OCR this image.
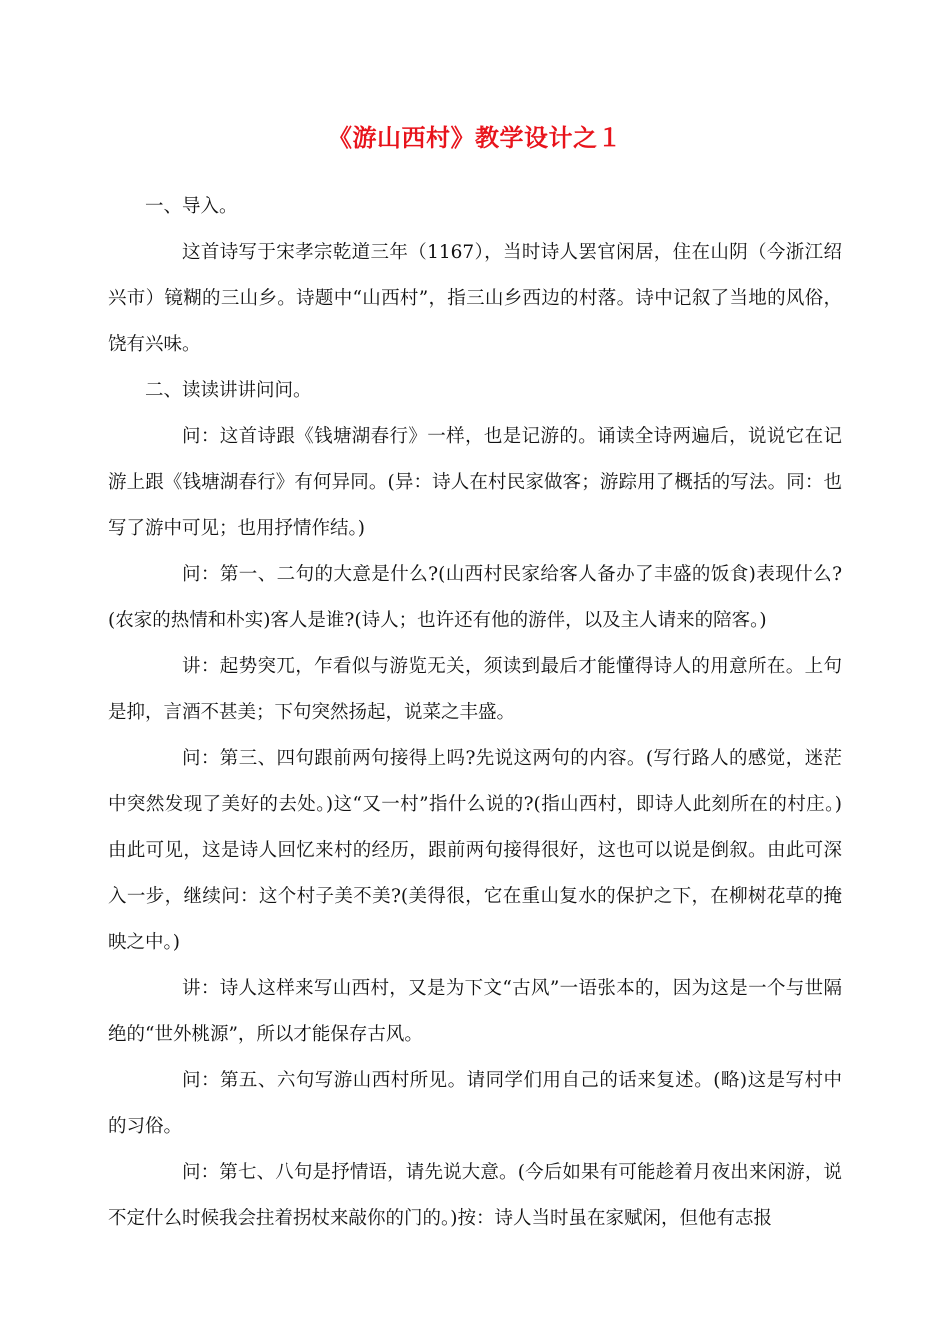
《游山西村》教学设计之１

一、导入。

这首诗写于宋孝宗乾道三年（1167），当时诗人罢官闲居，住在山阴（今浙江绍兴市）镜糊的三山乡。诗题中“山西村”，指三山乡西边的村落。诗中记叙了当地的风俗，饶有兴味。

二、读读讲讲问问。

问：这首诗跟《钱塘湖春行》一样，也是记游的。诵读全诗两遍后，说说它在记游上跟《钱塘湖春行》有何异同。(异：诗人在村民家做客；游踪用了概括的写法。同：也写了游中可见；也用抒情作结。)

问：第一、二句的大意是什么?(山西村民家给客人备办了丰盛的饭食)表现什么?(农家的热情和朴实)客人是谁?(诗人；也许还有他的游伴，以及主人请来的陪客。)

讲：起势突兀，乍看似与游览无关，须读到最后才能懂得诗人的用意所在。上句是抑，言酒不甚美；下句突然扬起，说菜之丰盛。

问：第三、四句跟前两句接得上吗?先说这两句的内容。(写行路人的感觉，迷茫中突然发现了美好的去处。)这“又一村”指什么说的?(指山西村，即诗人此刻所在的村庄。)由此可见，这是诗人回忆来村的经历，跟前两句接得很好，这也可以说是倒叙。由此可深入一步，继续问：这个村子美不美?(美得很，它在重山复水的保护之下，在柳树花草的掩映之中。)

讲：诗人这样来写山西村，又是为下文“古风”一语张本的，因为这是一个与世隔绝的“世外桃源”，所以才能保存古风。

问：第五、六句写游山西村所见。请同学们用自己的话来复述。(略)这是写村中的习俗。

问：第七、八句是抒情语，请先说大意。(今后如果有可能趁着月夜出来闲游，说不定什么时候我会拄着拐杖来敲你的门的。)按：诗人当时虽在家赋闲，但他有志报
